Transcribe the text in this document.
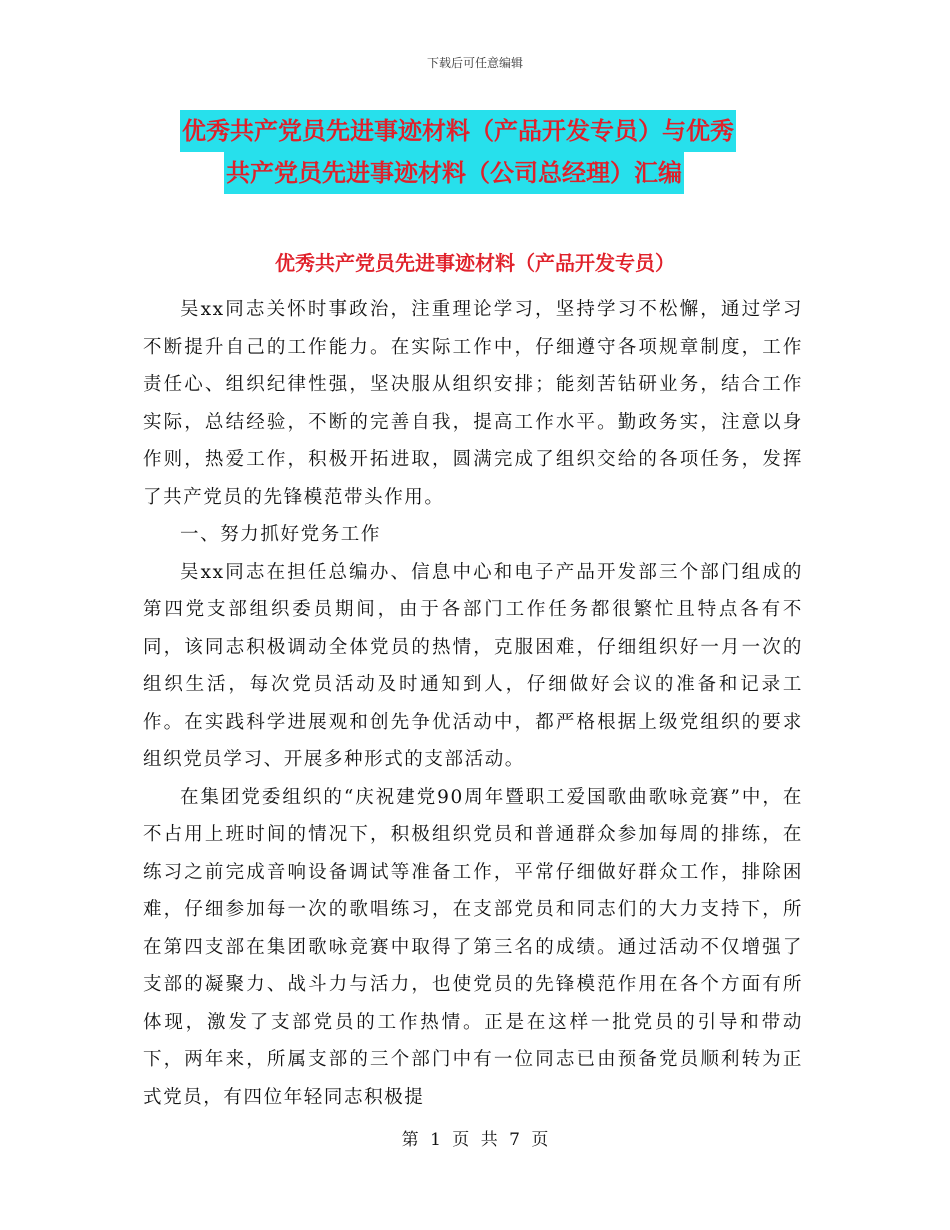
下载后可任意编辑
优秀共产党员先进事迹材料（产品开发专员）与优秀
共产党员先进事迹材料（公司总经理）汇编
优秀共产党员先进事迹材料（产品开发专员）

吴xx同志关怀时事政治，注重理论学习，坚持学习不松懈，通过学习不断提升自己的工作能力。在实际工作中，仔细遵守各项规章制度，工作责任心、组织纪律性强，坚决服从组织安排；能刻苦钻研业务，结合工作实际，总结经验，不断的完善自我，提高工作水平。勤政务实，注意以身作则，热爱工作，积极开拓进取，圆满完成了组织交给的各项任务，发挥了共产党员的先锋模范带头作用。

一、努力抓好党务工作

吴xx同志在担任总编办、信息中心和电子产品开发部三个部门组成的第四党支部组织委员期间，由于各部门工作任务都很繁忙且特点各有不同，该同志积极调动全体党员的热情，克服困难，仔细组织好一月一次的组织生活，每次党员活动及时通知到人，仔细做好会议的准备和记录工作。在实践科学进展观和创先争优活动中，都严格根据上级党组织的要求组织党员学习、开展多种形式的支部活动。

在集团党委组织的“庆祝建党90周年暨职工爱国歌曲歌咏竞赛”中，在不占用上班时间的情况下，积极组织党员和普通群众参加每周的排练，在练习之前完成音响设备调试等准备工作，平常仔细做好群众工作，排除困难，仔细参加每一次的歌唱练习，在支部党员和同志们的大力支持下，所在第四支部在集团歌咏竞赛中取得了第三名的成绩。通过活动不仅增强了支部的凝聚力、战斗力与活力，也使党员的先锋模范作用在各个方面有所体现，激发了支部党员的工作热情。正是在这样一批党员的引导和带动下，两年来，所属支部的三个部门中有一位同志已由预备党员顺利转为正式党员，有四位年轻同志积极提

第 1 页 共 7 页
